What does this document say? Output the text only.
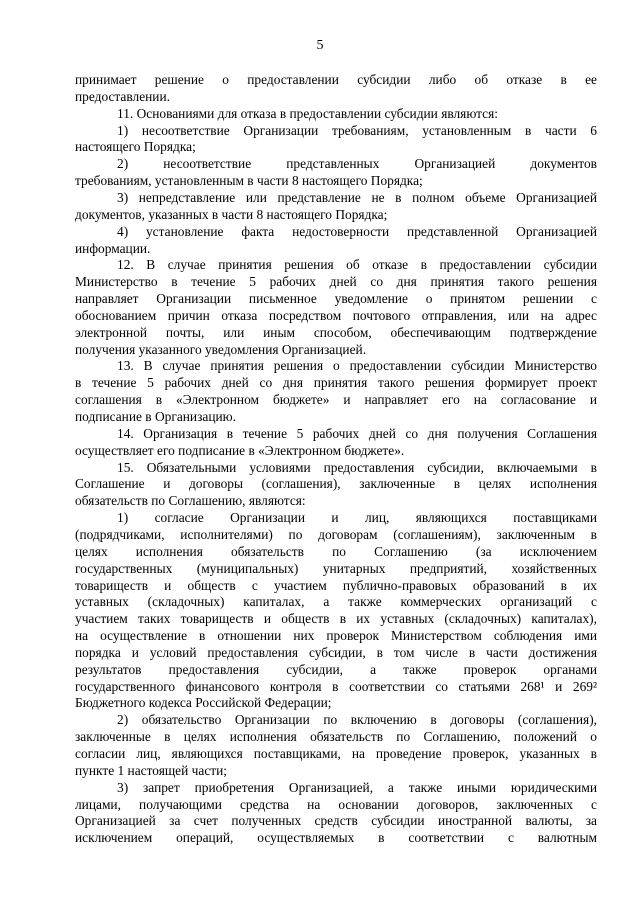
5
принимает решение о предоставлении субсидии либо об отказе в ее
предоставлении.
11. Основаниями для отказа в предоставлении субсидии являются:
1) несоответствие Организации требованиям, установленным в части 6
настоящего Порядка;
2) несоответствие представленных Организацией документов
требованиям, установленным в части 8 настоящего Порядка;
3) непредставление или представление не в полном объеме Организацией
документов, указанных в части 8 настоящего Порядка;
4) установление факта недостоверности представленной Организацией
информации.
12. В случае принятия решения об отказе в предоставлении субсидии
Министерство в течение 5 рабочих дней со дня принятия такого решения
направляет Организации письменное уведомление о принятом решении с
обоснованием причин отказа посредством почтового отправления, или на адрес
электронной почты, или иным способом, обеспечивающим подтверждение
получения указанного уведомления Организацией.
13. В случае принятия решения о предоставлении субсидии Министерство
в течение 5 рабочих дней со дня принятия такого решения формирует проект
соглашения в «Электронном бюджете» и направляет его на согласование и
подписание в Организацию.
14. Организация в течение 5 рабочих дней со дня получения Соглашения
осуществляет его подписание в «Электронном бюджете».
15. Обязательными условиями предоставления субсидии, включаемыми в
Соглашение и договоры (соглашения), заключенные в целях исполнения
обязательств по Соглашению, являются:
1) согласие Организации и лиц, являющихся поставщиками
(подрядчиками, исполнителями) по договорам (соглашениям), заключенным в
целях исполнения обязательств по Соглашению (за исключением
государственных (муниципальных) унитарных предприятий, хозяйственных
товариществ и обществ с участием публично-правовых образований в их
уставных (складочных) капиталах, а также коммерческих организаций с
участием таких товариществ и обществ в их уставных (складочных) капиталах),
на осуществление в отношении них проверок Министерством соблюдения ими
порядка и условий предоставления субсидии, в том числе в части достижения
результатов предоставления субсидии, а также проверок органами
государственного финансового контроля в соответствии со статьями 268¹ и 269²
Бюджетного кодекса Российской Федерации;
2) обязательство Организации по включению в договоры (соглашения),
заключенные в целях исполнения обязательств по Соглашению, положений о
согласии лиц, являющихся поставщиками, на проведение проверок, указанных в
пункте 1 настоящей части;
3) запрет приобретения Организацией, а также иными юридическими
лицами, получающими средства на основании договоров, заключенных с
Организацией за счет полученных средств субсидии иностранной валюты, за
исключением операций, осуществляемых в соответствии с валютным
